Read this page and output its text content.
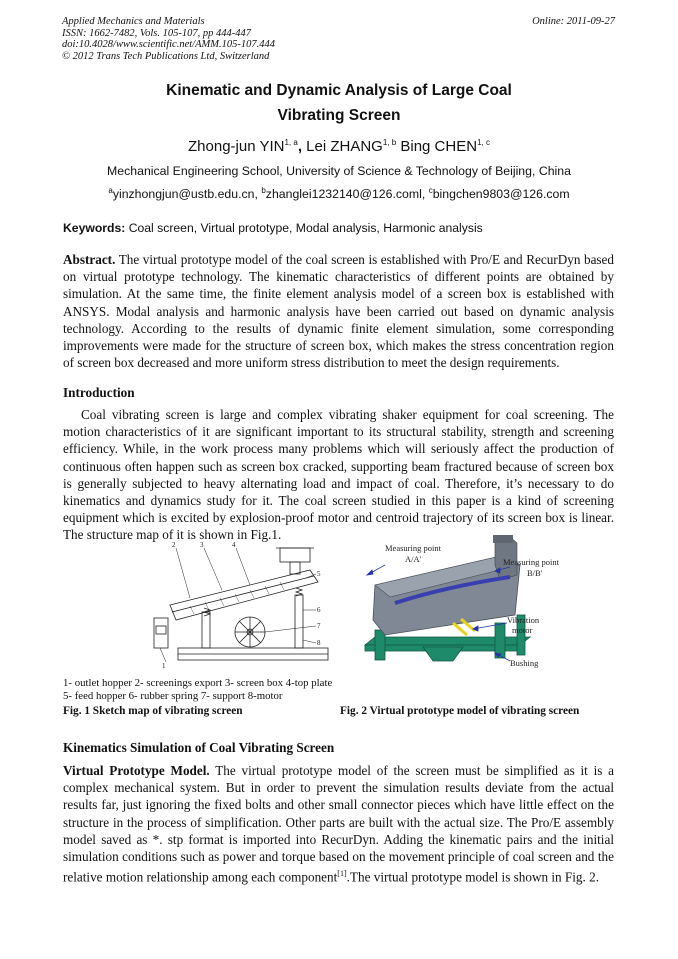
Applied Mechanics and Materials
ISSN: 1662-7482, Vols. 105-107, pp 444-447
doi:10.4028/www.scientific.net/AMM.105-107.444
© 2012 Trans Tech Publications Ltd, Switzerland
Online: 2011-09-27
Kinematic and Dynamic Analysis of Large Coal
Vibrating Screen
Zhong-jun YIN$^{1, a}$, Lei ZHANG$^{1, b}$ Bing CHEN$^{1, c}$
Mechanical Engineering School, University of Science & Technology of Beijing, China
$^a$yinzhongjun@ustb.edu.cn, $^b$zhanglei1232140@126.coml, $^c$bingchen9803@126.com
Keywords: Coal screen, Virtual prototype, Modal analysis, Harmonic analysis
Abstract. The virtual prototype model of the coal screen is established with Pro/E and RecurDyn based on virtual prototype technology. The kinematic characteristics of different points are obtained by simulation. At the same time, the finite element analysis model of a screen box is established with ANSYS. Modal analysis and harmonic analysis have been carried out based on dynamic analysis technology. According to the results of dynamic finite element simulation, some corresponding improvements were made for the structure of screen box, which makes the stress concentration region of screen box decreased and more uniform stress distribution to meet the design requirements.
Introduction
Coal vibrating screen is large and complex vibrating shaker equipment for coal screening. The motion characteristics of it are significant important to its structural stability, strength and screening efficiency. While, in the work process many problems which will seriously affect the production of continuous often happen such as screen box cracked, supporting beam fractured because of screen box is generally subjected to heavy alternating load and impact of coal. Therefore, it’s necessary to do kinematics and dynamics study for it. The coal screen studied in this paper is a kind of screening equipment which is excited by explosion-proof motor and centroid trajectory of its screen box is linear. The structure map of it is shown in Fig.1.
2	3	4
5
6
7
8
1
1- outlet hopper 2- screenings export 3- screen box 4-top plate
5- feed hopper 6- rubber spring 7- support 8-motor
Fig. 1 Sketch map of vibrating screen
Measuring point
A/A'	Measuring point
B/B'
Vibration
motor
Bushing
Fig. 2 Virtual prototype model of vibrating screen
Kinematics Simulation of Coal Vibrating Screen
Virtual Prototype Model. The virtual prototype model of the screen must be simplified as it is a complex mechanical system. But in order to prevent the simulation results deviate from the actual results far, just ignoring the fixed bolts and other small connector pieces which have little effect on the structure in the process of simplification. Other parts are built with the actual size. The Pro/E assembly model saved as *. stp format is imported into RecurDyn. Adding the kinematic pairs and the initial simulation conditions such as power and torque based on the movement principle of coal screen and the relative motion relationship among each component[1].The virtual prototype model is shown in Fig. 2.
